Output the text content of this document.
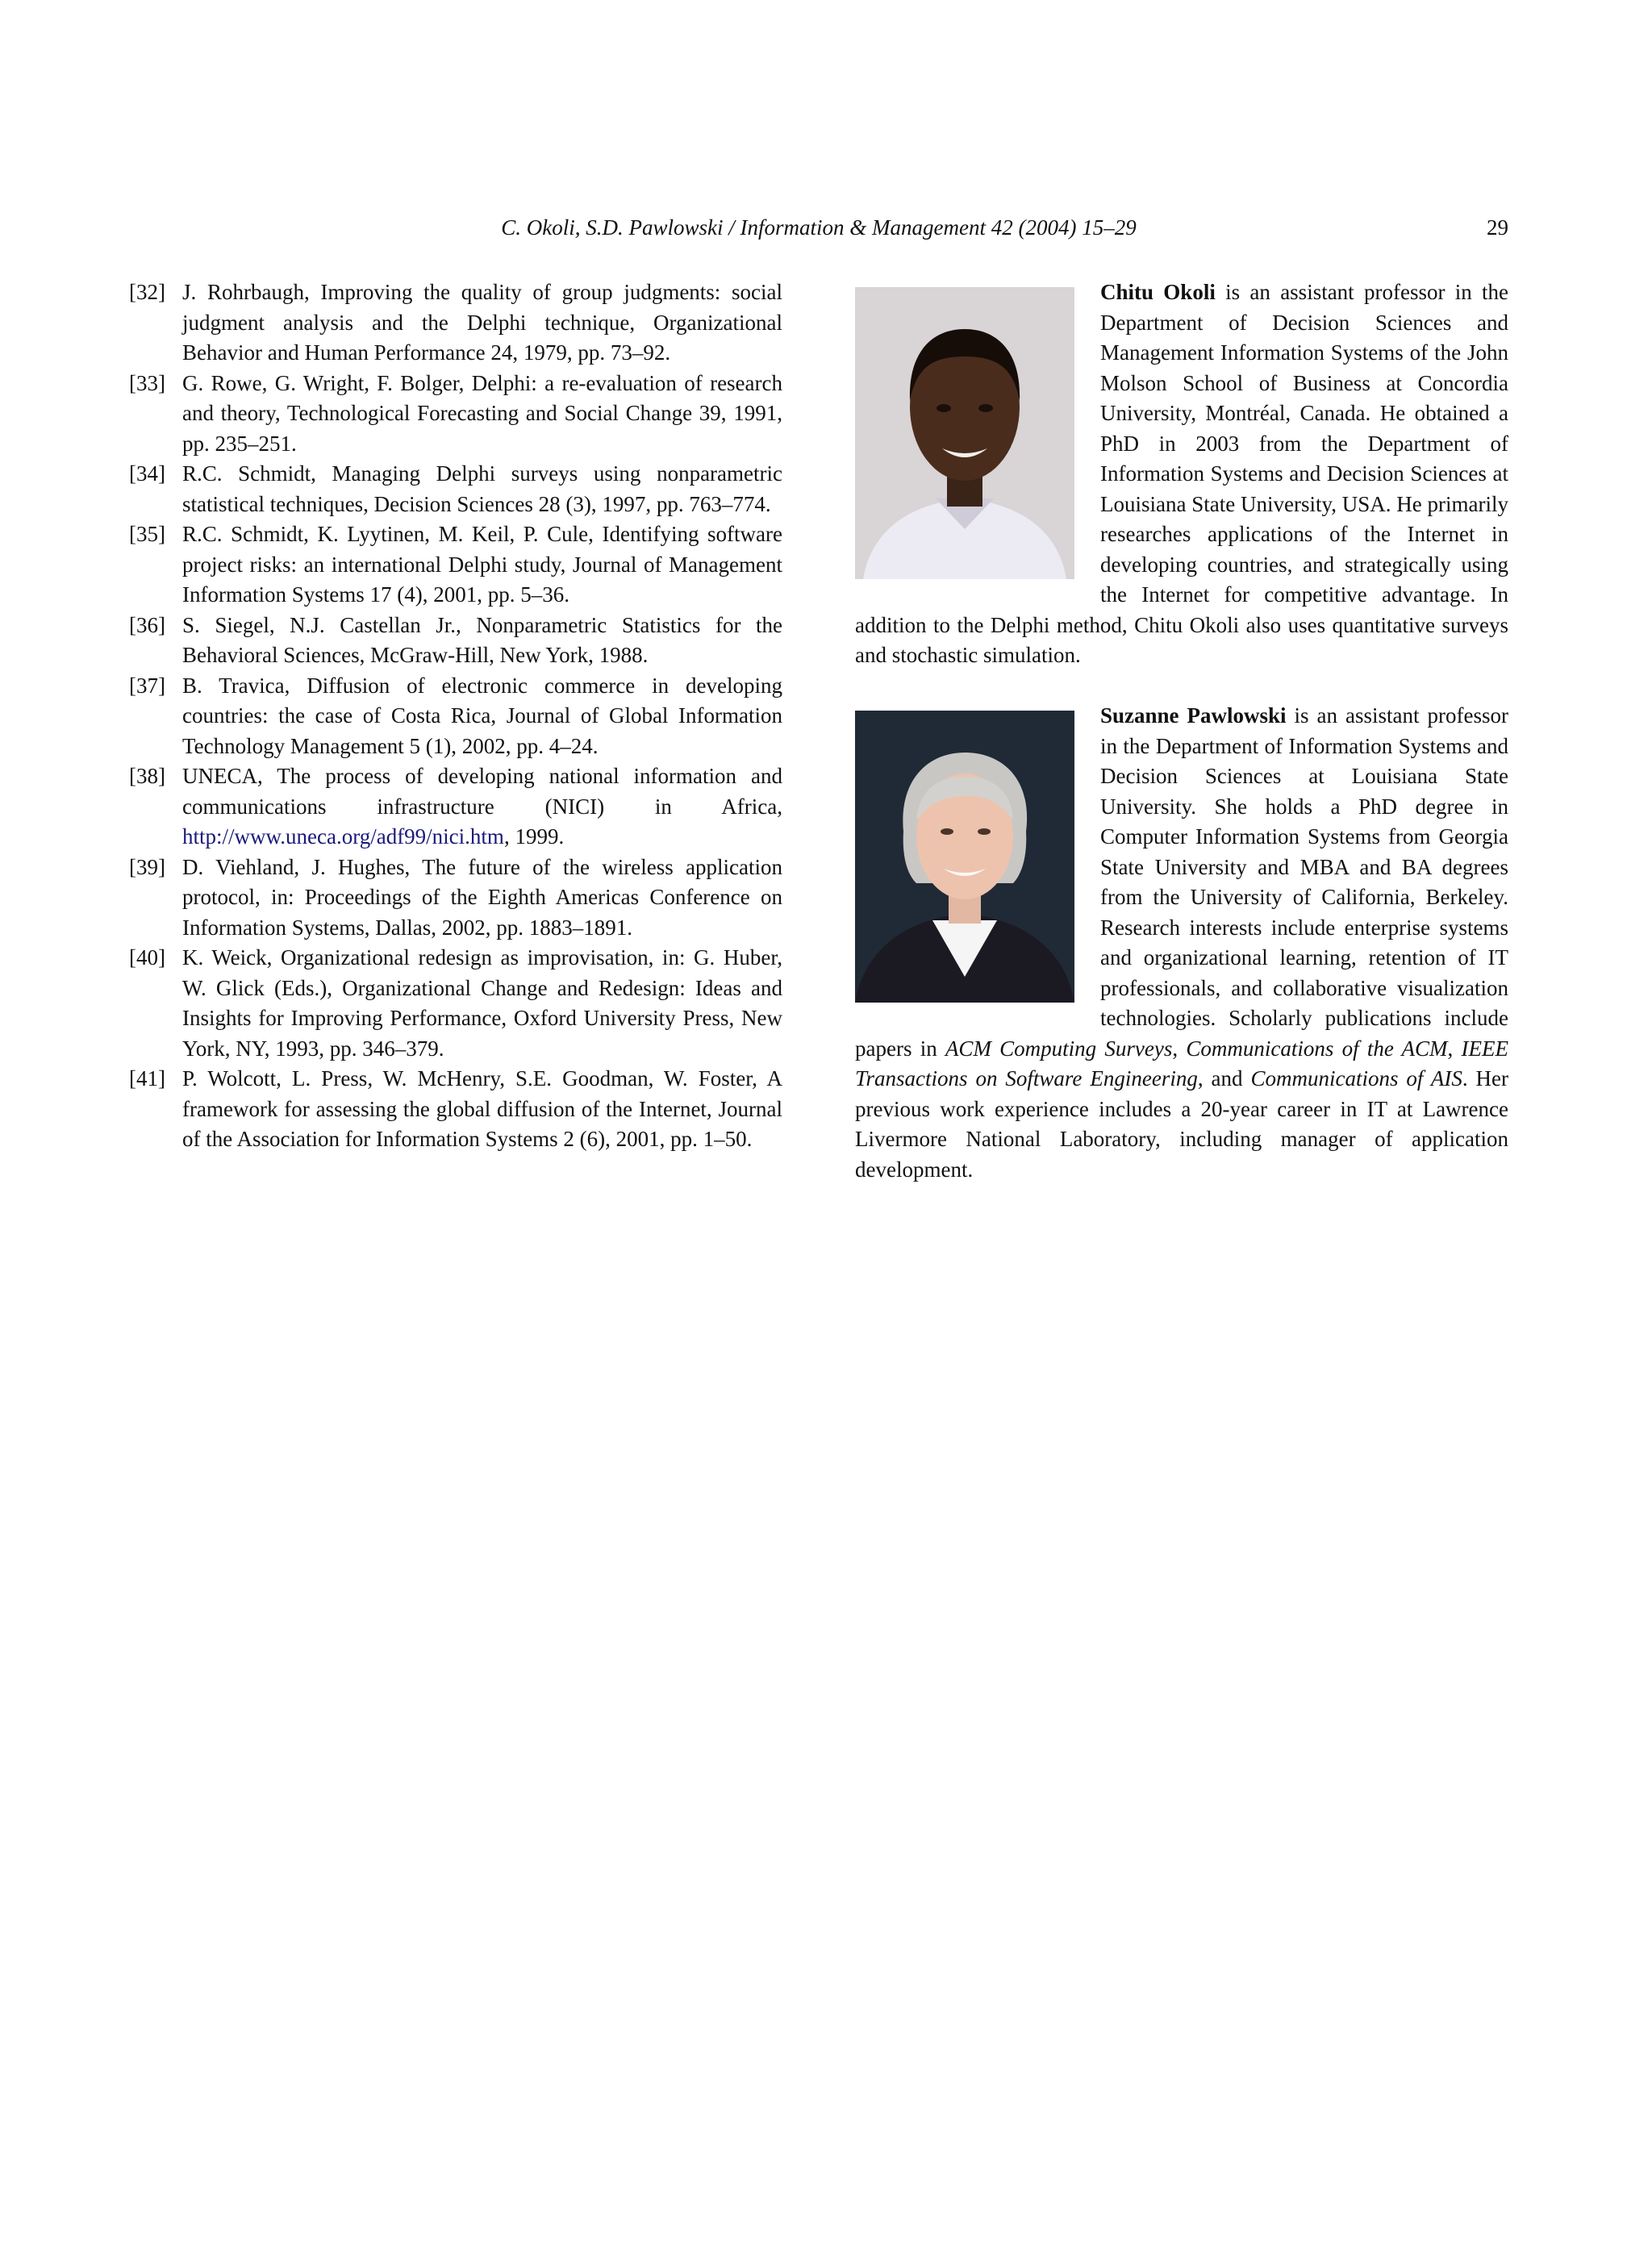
C. Okoli, S.D. Pawlowski / Information & Management 42 (2004) 15–29	29
[32] J. Rohrbaugh, Improving the quality of group judgments: social judgment analysis and the Delphi technique, Organizational Behavior and Human Performance 24, 1979, pp. 73–92.
[33] G. Rowe, G. Wright, F. Bolger, Delphi: a re-evaluation of research and theory, Technological Forecasting and Social Change 39, 1991, pp. 235–251.
[34] R.C. Schmidt, Managing Delphi surveys using nonparametric statistical techniques, Decision Sciences 28 (3), 1997, pp. 763–774.
[35] R.C. Schmidt, K. Lyytinen, M. Keil, P. Cule, Identifying software project risks: an international Delphi study, Journal of Management Information Systems 17 (4), 2001, pp. 5–36.
[36] S. Siegel, N.J. Castellan Jr., Nonparametric Statistics for the Behavioral Sciences, McGraw-Hill, New York, 1988.
[37] B. Travica, Diffusion of electronic commerce in developing countries: the case of Costa Rica, Journal of Global Information Technology Management 5 (1), 2002, pp. 4–24.
[38] UNECA, The process of developing national information and communications infrastructure (NICI) in Africa, http://www.uneca.org/adf99/nici.htm, 1999.
[39] D. Viehland, J. Hughes, The future of the wireless application protocol, in: Proceedings of the Eighth Americas Conference on Information Systems, Dallas, 2002, pp. 1883–1891.
[40] K. Weick, Organizational redesign as improvisation, in: G. Huber, W. Glick (Eds.), Organizational Change and Redesign: Ideas and Insights for Improving Performance, Oxford University Press, New York, NY, 1993, pp. 346–379.
[41] P. Wolcott, L. Press, W. McHenry, S.E. Goodman, W. Foster, A framework for assessing the global diffusion of the Internet, Journal of the Association for Information Systems 2 (6), 2001, pp. 1–50.

Chitu Okoli is an assistant professor in the Department of Decision Sciences and Management Information Systems of the John Molson School of Business at Concordia University, Montréal, Canada. He obtained a PhD in 2003 from the Department of Information Systems and Decision Sciences at Louisiana State University, USA. He primarily researches applications of the Internet in developing countries, and strategically using the Internet for competitive advantage. In addition to the Delphi method, Chitu Okoli also uses quantitative surveys and stochastic simulation.

Suzanne Pawlowski is an assistant professor in the Department of Information Systems and Decision Sciences at Louisiana State University. She holds a PhD degree in Computer Information Systems from Georgia State University and MBA and BA degrees from the University of California, Berkeley. Research interests include enterprise systems and organizational learning, retention of IT professionals, and collaborative visualization technologies. Scholarly publications include papers in ACM Computing Surveys, Communications of the ACM, IEEE Transactions on Software Engineering, and Communications of AIS. Her previous work experience includes a 20-year career in IT at Lawrence Livermore National Laboratory, including manager of application development.
